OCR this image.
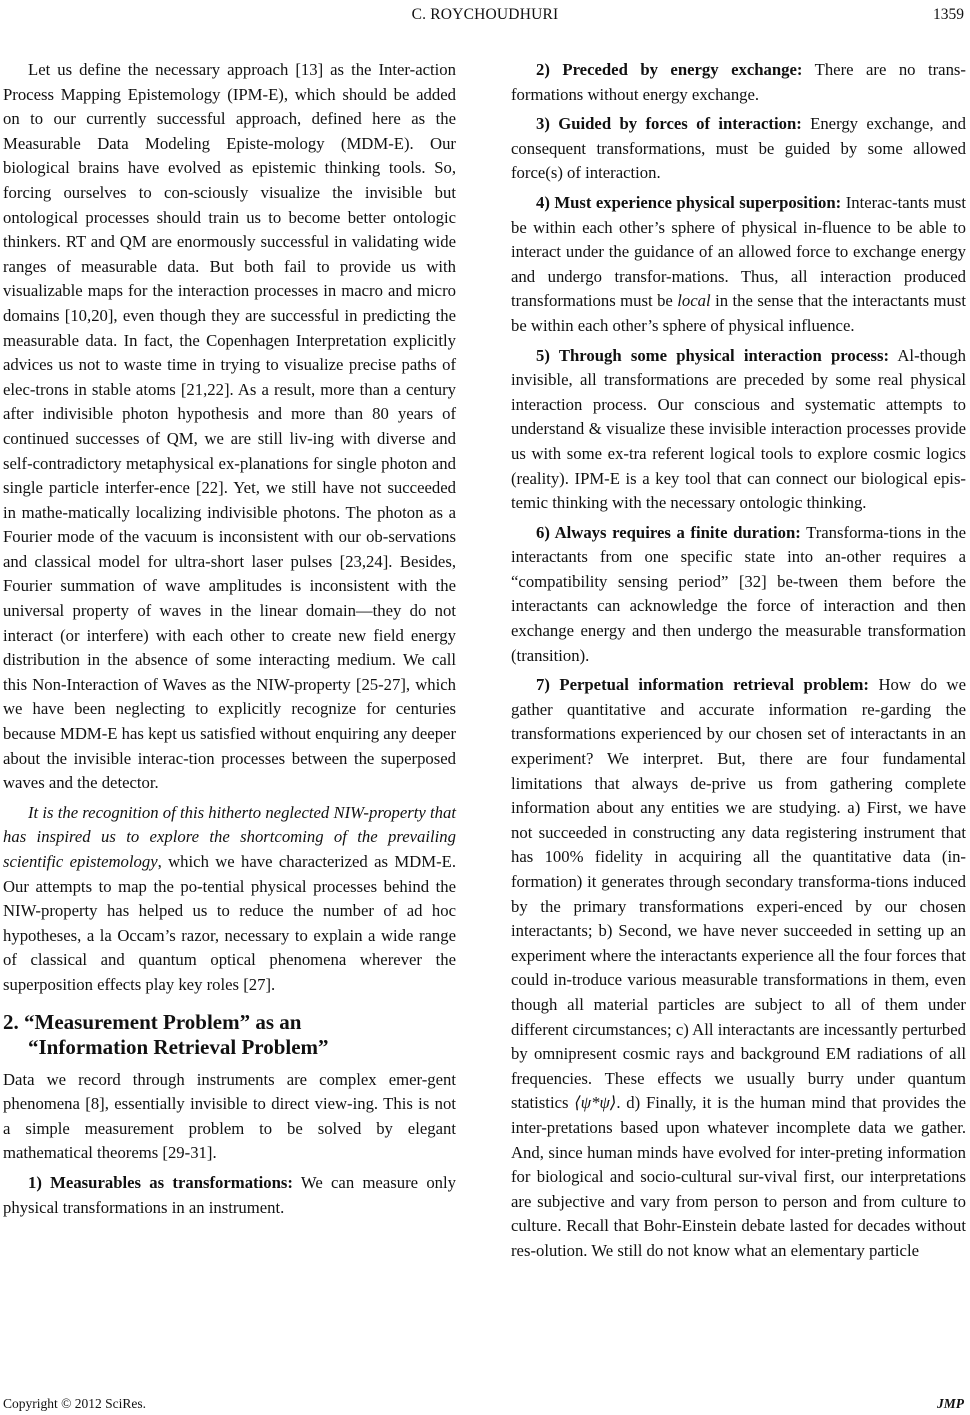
C. ROYCHOUDHURI	1359

Let us define the necessary approach [13] as the Inter-action Process Mapping Epistemology (IPM-E), which should be added on to our currently successful approach, defined here as the Measurable Data Modeling Episte-mology (MDM-E). Our biological brains have evolved as epistemic thinking tools. So, forcing ourselves to con-sciously visualize the invisible but ontological processes should train us to become better ontologic thinkers. RT and QM are enormously successful in validating wide ranges of measurable data. But both fail to provide us with visualizable maps for the interaction processes in macro and micro domains [10,20], even though they are successful in predicting the measurable data. In fact, the Copenhagen Interpretation explicitly advices us not to waste time in trying to visualize precise paths of elec-trons in stable atoms [21,22]. As a result, more than a century after indivisible photon hypothesis and more than 80 years of continued successes of QM, we are still liv-ing with diverse and self-contradictory metaphysical ex-planations for single photon and single particle interfer-ence [22]. Yet, we still have not succeeded in mathe-matically localizing indivisible photons. The photon as a Fourier mode of the vacuum is inconsistent with our ob-servations and classical model for ultra-short laser pulses [23,24]. Besides, Fourier summation of wave amplitudes is inconsistent with the universal property of waves in the linear domain—they do not interact (or interfere) with each other to create new field energy distribution in the absence of some interacting medium. We call this Non-Interaction of Waves as the NIW-property [25-27], which we have been neglecting to explicitly recognize for centuries because MDM-E has kept us satisfied without enquiring any deeper about the invisible interac-tion processes between the superposed waves and the detector.

It is the recognition of this hitherto neglected NIW-property that has inspired us to explore the shortcoming of the prevailing scientific epistemology, which we have characterized as MDM-E. Our attempts to map the po-tential physical processes behind the NIW-property has helped us to reduce the number of ad hoc hypotheses, a la Occam’s razor, necessary to explain a wide range of classical and quantum optical phenomena wherever the superposition effects play key roles [27].

2. “Measurement Problem” as an
“Information Retrieval Problem”

Data we record through instruments are complex emer-gent phenomena [8], essentially invisible to direct view-ing. This is not a simple measurement problem to be solved by elegant mathematical theorems [29-31].

1) Measurables as transformations: We can measure only physical transformations in an instrument.

2) Preceded by energy exchange: There are no trans-formations without energy exchange.

3) Guided by forces of interaction: Energy exchange, and consequent transformations, must be guided by some allowed force(s) of interaction.

4) Must experience physical superposition: Interac-tants must be within each other’s sphere of physical in-fluence to be able to interact under the guidance of an allowed force to exchange energy and undergo transfor-mations. Thus, all interaction produced transformations must be local in the sense that the interactants must be within each other’s sphere of physical influence.

5) Through some physical interaction process: Al-though invisible, all transformations are preceded by some real physical interaction process. Our conscious and systematic attempts to understand & visualize these invisible interaction processes provide us with some ex-tra referent logical tools to explore cosmic logics (reality). IPM-E is a key tool that can connect our biological epis-temic thinking with the necessary ontologic thinking.

6) Always requires a finite duration: Transforma-tions in the interactants from one specific state into an-other requires a “compatibility sensing period” [32] be-tween them before the interactants can acknowledge the force of interaction and then exchange energy and then undergo the measurable transformation (transition).

7) Perpetual information retrieval problem: How do we gather quantitative and accurate information re-garding the transformations experienced by our chosen set of interactants in an experiment? We interpret. But, there are four fundamental limitations that always de-prive us from gathering complete information about any entities we are studying. a) First, we have not succeeded in constructing any data registering instrument that has 100% fidelity in acquiring all the quantitative data (in-formation) it generates through secondary transforma-tions induced by the primary transformations experi-enced by our chosen interactants; b) Second, we have never succeeded in setting up an experiment where the interactants experience all the four forces that could in-troduce various measurable transformations in them, even though all material particles are subject to all of them under different circumstances; c) All interactants are incessantly perturbed by omnipresent cosmic rays and background EM radiations of all frequencies. These effects we usually burry under quantum statistics ⟨ψ*ψ⟩. d) Finally, it is the human mind that provides the inter-pretations based upon whatever incomplete data we gather. And, since human minds have evolved for inter-preting information for biological and socio-cultural sur-vival first, our interpretations are subjective and vary from person to person and from culture to culture. Recall that Bohr-Einstein debate lasted for decades without res-olution. We still do not know what an elementary particle

Copyright © 2012 SciRes.	JMP
